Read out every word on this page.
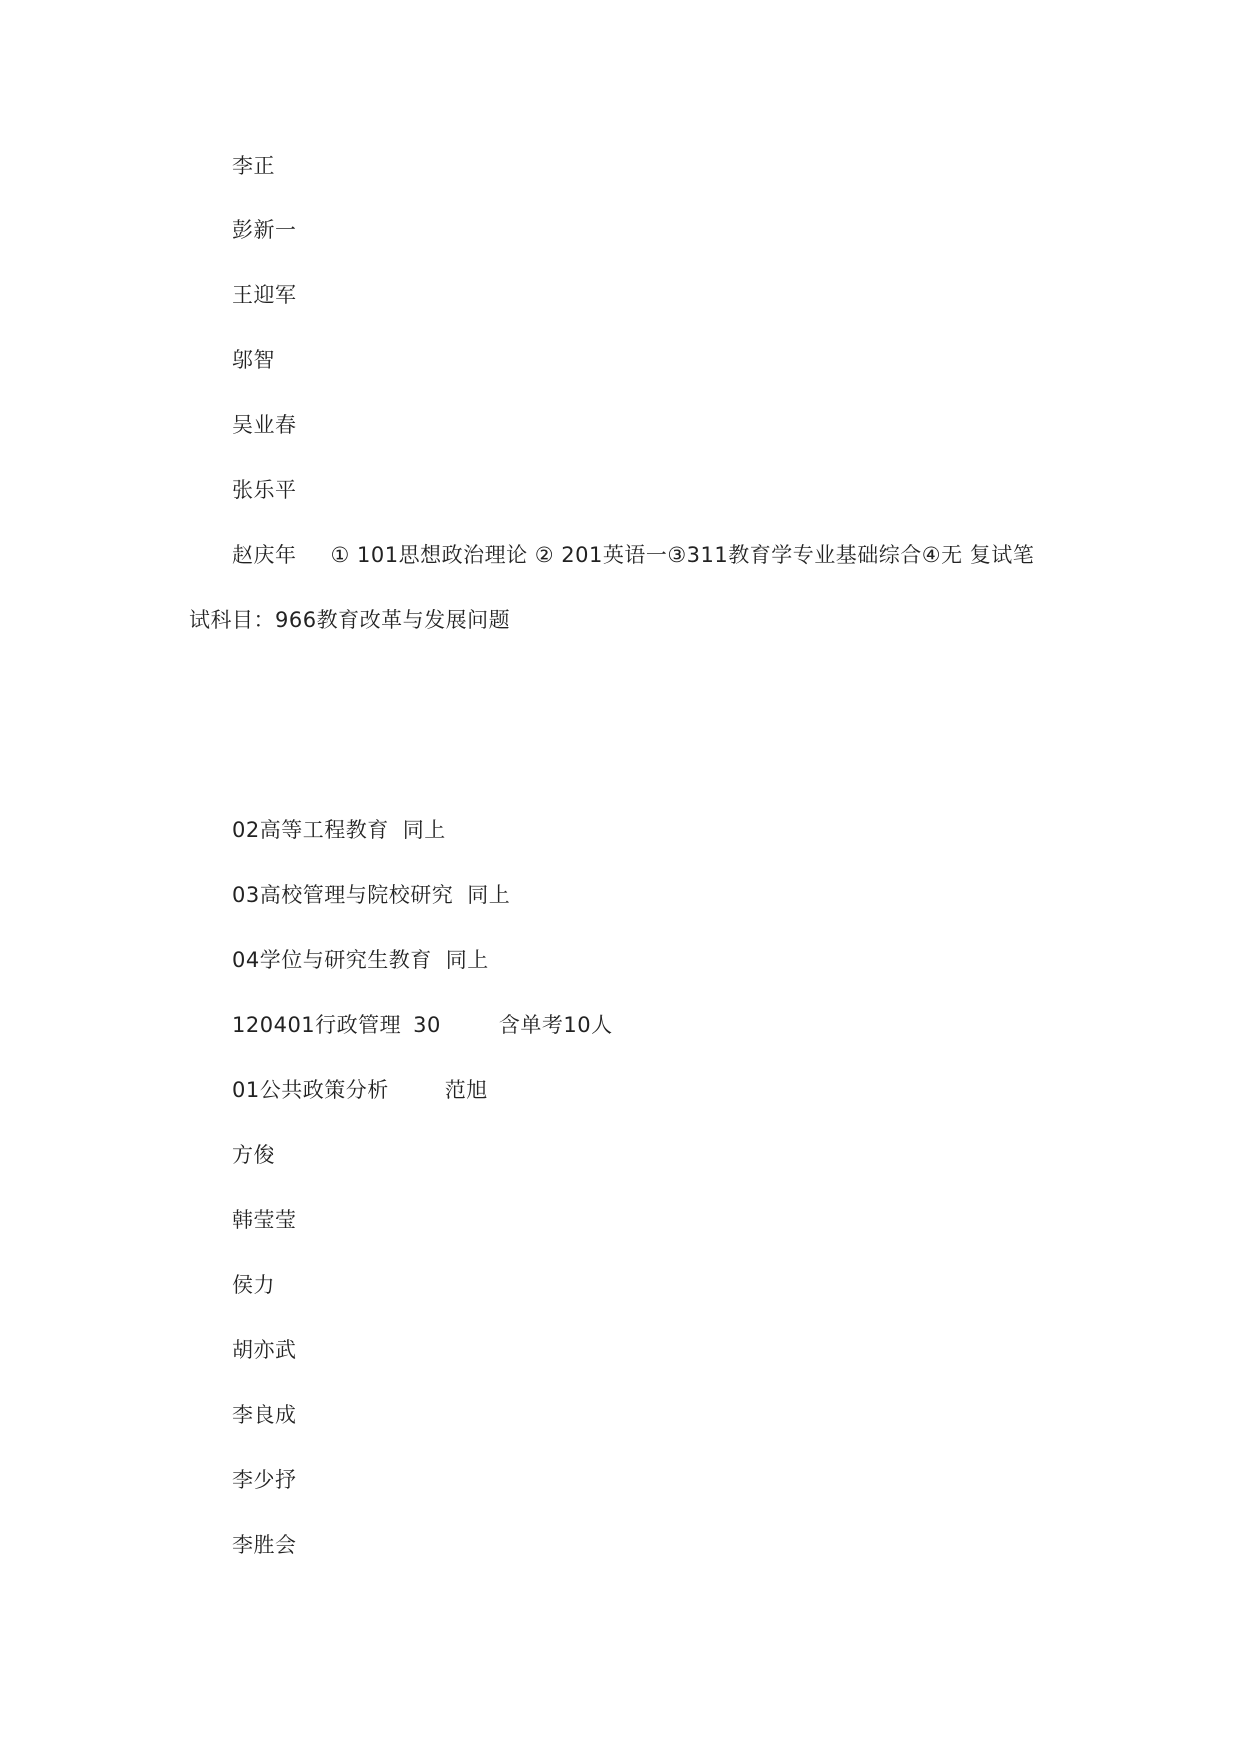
李正
彭新一
王迎军
邬智
吴业春
张乐平
赵庆年 ① 101思想政治理论 ② 201英语一③311教育学专业基础综合④无 复试笔
试科目：966教育改革与发展问题
02高等工程教育 同上
03高校管理与院校研究 同上
04学位与研究生教育 同上
120401行政管理 30	含单考10人
01公共政策分析	范旭
方俊
韩莹莹
侯力
胡亦武
李良成
李少抒
李胜会
